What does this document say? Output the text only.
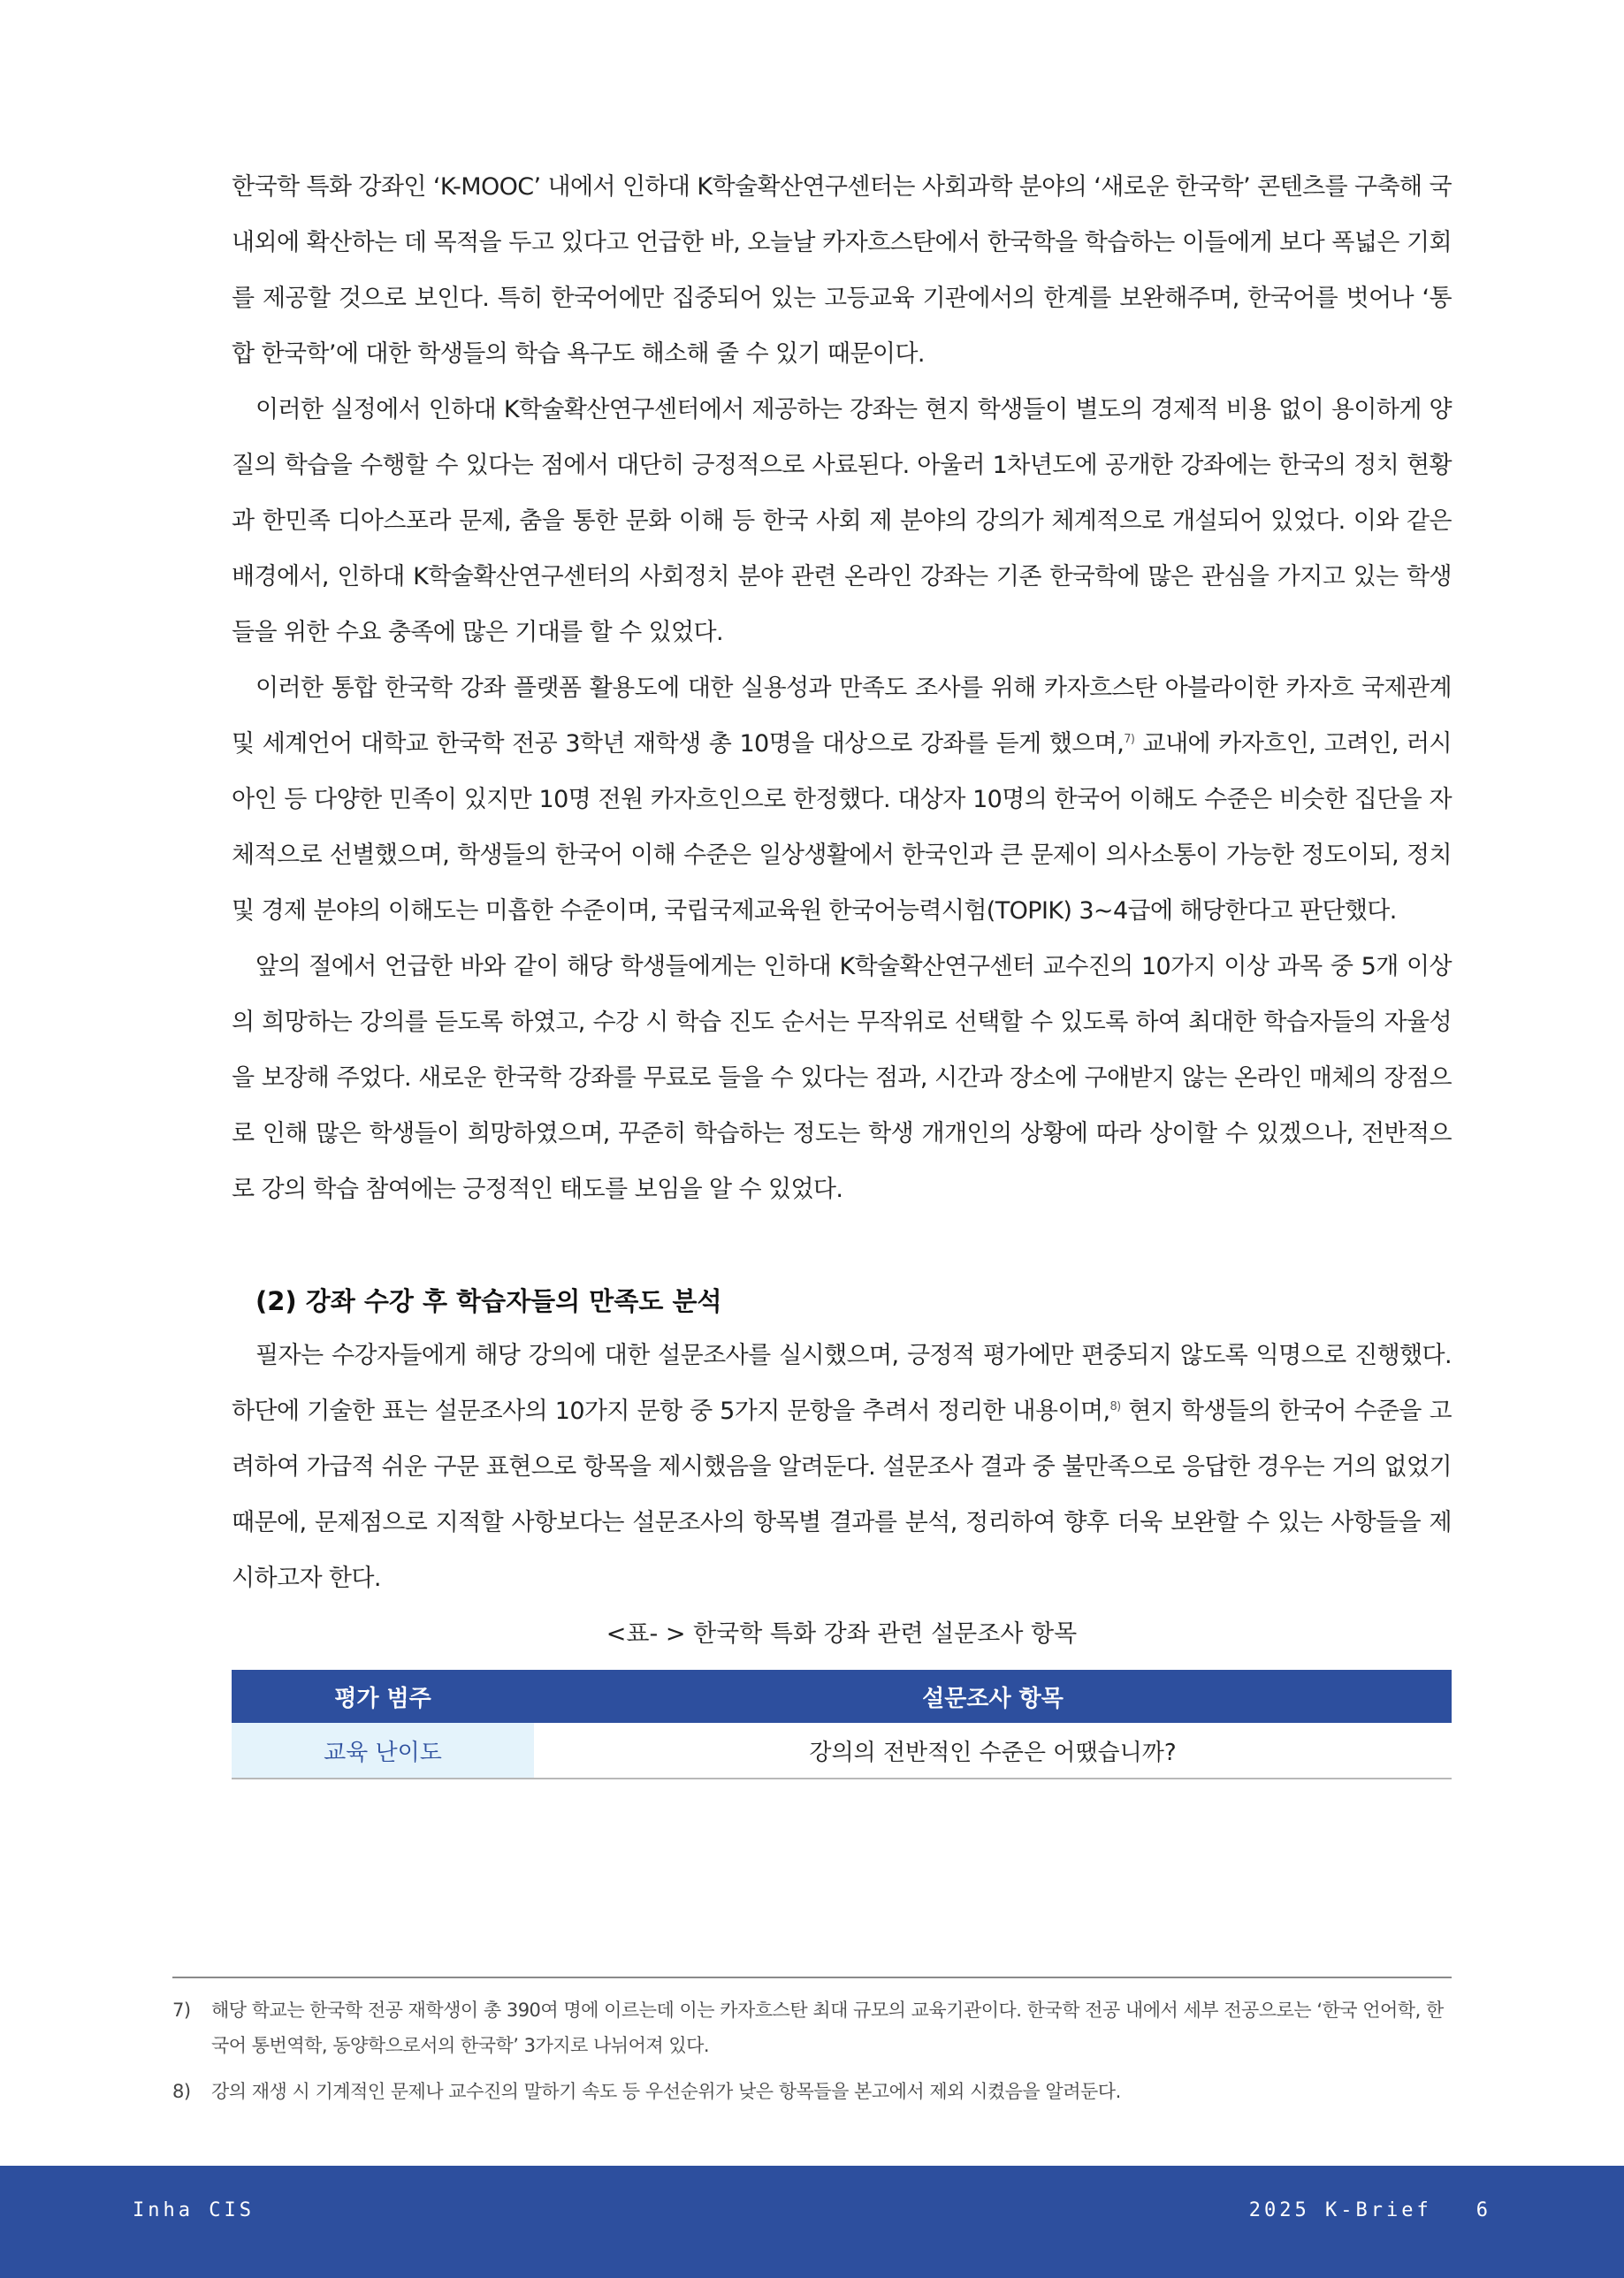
한국학 특화 강좌인 ‘K-MOOC’ 내에서 인하대 K학술확산연구센터는 사회과학 분야의 ‘새로운 한국학’ 콘텐츠를 구축해 국내외에 확산하는 데 목적을 두고 있다고 언급한 바, 오늘날 카자흐스탄에서 한국학을 학습하는 이들에게 보다 폭넓은 기회를 제공할 것으로 보인다. 특히 한국어에만 집중되어 있는 고등교육 기관에서의 한계를 보완해주며, 한국어를 벗어나 ‘통합 한국학’에 대한 학생들의 학습 욕구도 해소해 줄 수 있기 때문이다.

이러한 실정에서 인하대 K학술확산연구센터에서 제공하는 강좌는 현지 학생들이 별도의 경제적 비용 없이 용이하게 양질의 학습을 수행할 수 있다는 점에서 대단히 긍정적으로 사료된다. 아울러 1차년도에 공개한 강좌에는 한국의 정치 현황과 한민족 디아스포라 문제, 춤을 통한 문화 이해 등 한국 사회 제 분야의 강의가 체계적으로 개설되어 있었다. 이와 같은 배경에서, 인하대 K학술확산연구센터의 사회정치 분야 관련 온라인 강좌는 기존 한국학에 많은 관심을 가지고 있는 학생들을 위한 수요 충족에 많은 기대를 할 수 있었다.

이러한 통합 한국학 강좌 플랫폼 활용도에 대한 실용성과 만족도 조사를 위해 카자흐스탄 아블라이한 카자흐 국제관계 및 세계언어 대학교 한국학 전공 3학년 재학생 총 10명을 대상으로 강좌를 듣게 했으며,$^{7)}$ 교내에 카자흐인, 고려인, 러시아인 등 다양한 민족이 있지만 10명 전원 카자흐인으로 한정했다. 대상자 10명의 한국어 이해도 수준은 비슷한 집단을 자체적으로 선별했으며, 학생들의 한국어 이해 수준은 일상생활에서 한국인과 큰 문제이 의사소통이 가능한 정도이되, 정치 및 경제 분야의 이해도는 미흡한 수준이며, 국립국제교육원 한국어능력시험(TOPIK) 3~4급에 해당한다고 판단했다.

앞의 절에서 언급한 바와 같이 해당 학생들에게는 인하대 K학술확산연구센터 교수진의 10가지 이상 과목 중 5개 이상의 희망하는 강의를 듣도록 하였고, 수강 시 학습 진도 순서는 무작위로 선택할 수 있도록 하여 최대한 학습자들의 자율성을 보장해 주었다. 새로운 한국학 강좌를 무료로 들을 수 있다는 점과, 시간과 장소에 구애받지 않는 온라인 매체의 장점으로 인해 많은 학생들이 희망하였으며, 꾸준히 학습하는 정도는 학생 개개인의 상황에 따라 상이할 수 있겠으나, 전반적으로 강의 학습 참여에는 긍정적인 태도를 보임을 알 수 있었다.

(2) 강좌 수강 후 학습자들의 만족도 분석

필자는 수강자들에게 해당 강의에 대한 설문조사를 실시했으며, 긍정적 평가에만 편중되지 않도록 익명으로 진행했다. 하단에 기술한 표는 설문조사의 10가지 문항 중 5가지 문항을 추려서 정리한 내용이며,$^{8)}$ 현지 학생들의 한국어 수준을 고려하여 가급적 쉬운 구문 표현으로 항목을 제시했음을 알려둔다. 설문조사 결과 중 불만족으로 응답한 경우는 거의 없었기 때문에, 문제점으로 지적할 사항보다는 설문조사의 항목별 결과를 분석, 정리하여 향후 더욱 보완할 수 있는 사항들을 제시하고자 한다.

<표- > 한국학 특화 강좌 관련 설문조사 항목

평가 범주	설문조사 항목
교육 난이도	강의의 전반적인 수준은 어땠습니까?
7)	해당 학교는 한국학 전공 재학생이 총 390여 명에 이르는데 이는 카자흐스탄 최대 규모의 교육기관이다. 한국학 전공 내에서 세부 전공으로는 ‘한국 언어학, 한국어 통번역학, 동양학으로서의 한국학’ 3가지로 나뉘어져 있다.
8)	강의 재생 시 기계적인 문제나 교수진의 말하기 속도 등 우선순위가 낮은 항목들을 본고에서 제외 시켰음을 알려둔다.
Inha CIS	2025 K-Brief 6
